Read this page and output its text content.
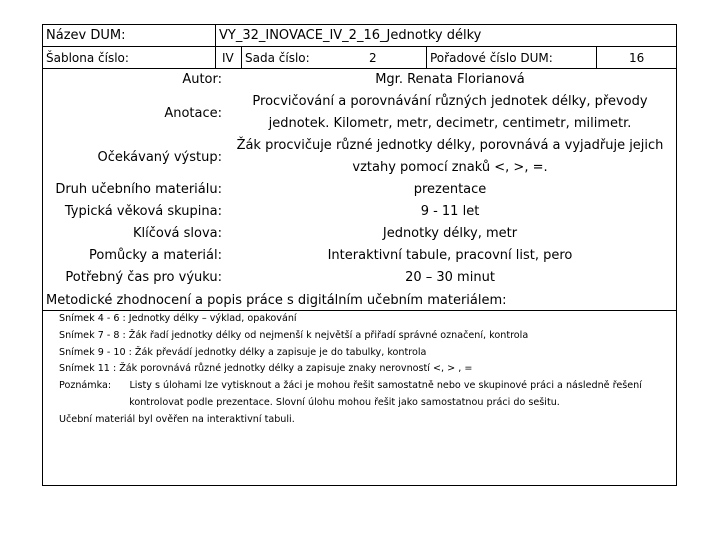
Název DUM:	VY_32_INOVACE_IV_2_16_Jednotky délky
Šablona číslo:	IV Sada číslo:	2	Pořadové číslo DUM:	16
Autor:	Mgr. Renata Florianová
Anotace:
Procvičování a porovnávání různých jednotek délky, převody
jednotek. Kilometr, metr, decimetr, centimetr, milimetr.
Očekávaný výstup:
Žák procvičuje různé jednotky délky, porovnává a vyjadřuje jejich
vztahy pomocí znaků <, >, =.
Druh učebního materiálu:	prezentace
Typická věková skupina:	9 - 11 let
Klíčová slova:	Jednotky délky, metr
Pomůcky a materiál:	Interaktivní tabule, pracovní list, pero
Potřebný čas pro výuku:	20 – 30 minut
Metodické zhodnocení a popis práce s digitálním učebním materiálem:
Snímek 4 - 6 : Jednotky délky – výklad, opakování
Snímek 7 - 8 : Žák řadí jednotky délky od nejmenší k největší a přiřadí správné označení, kontrola
Snímek 9 - 10 : Žák převádí jednotky délky a zapisuje je do tabulky, kontrola
Snímek 11 : Žák porovnává různé jednotky délky a zapisuje znaky nerovností <, > , =
Poznámka:      Listy s úlohami lze vytisknout a žáci je mohou řešit samostatně nebo ve skupinové práci a následně řešení
kontrolovat podle prezentace. Slovní úlohu mohou řešit jako samostatnou práci do sešitu.
Učební materiál byl ověřen na interaktivní tabuli.
